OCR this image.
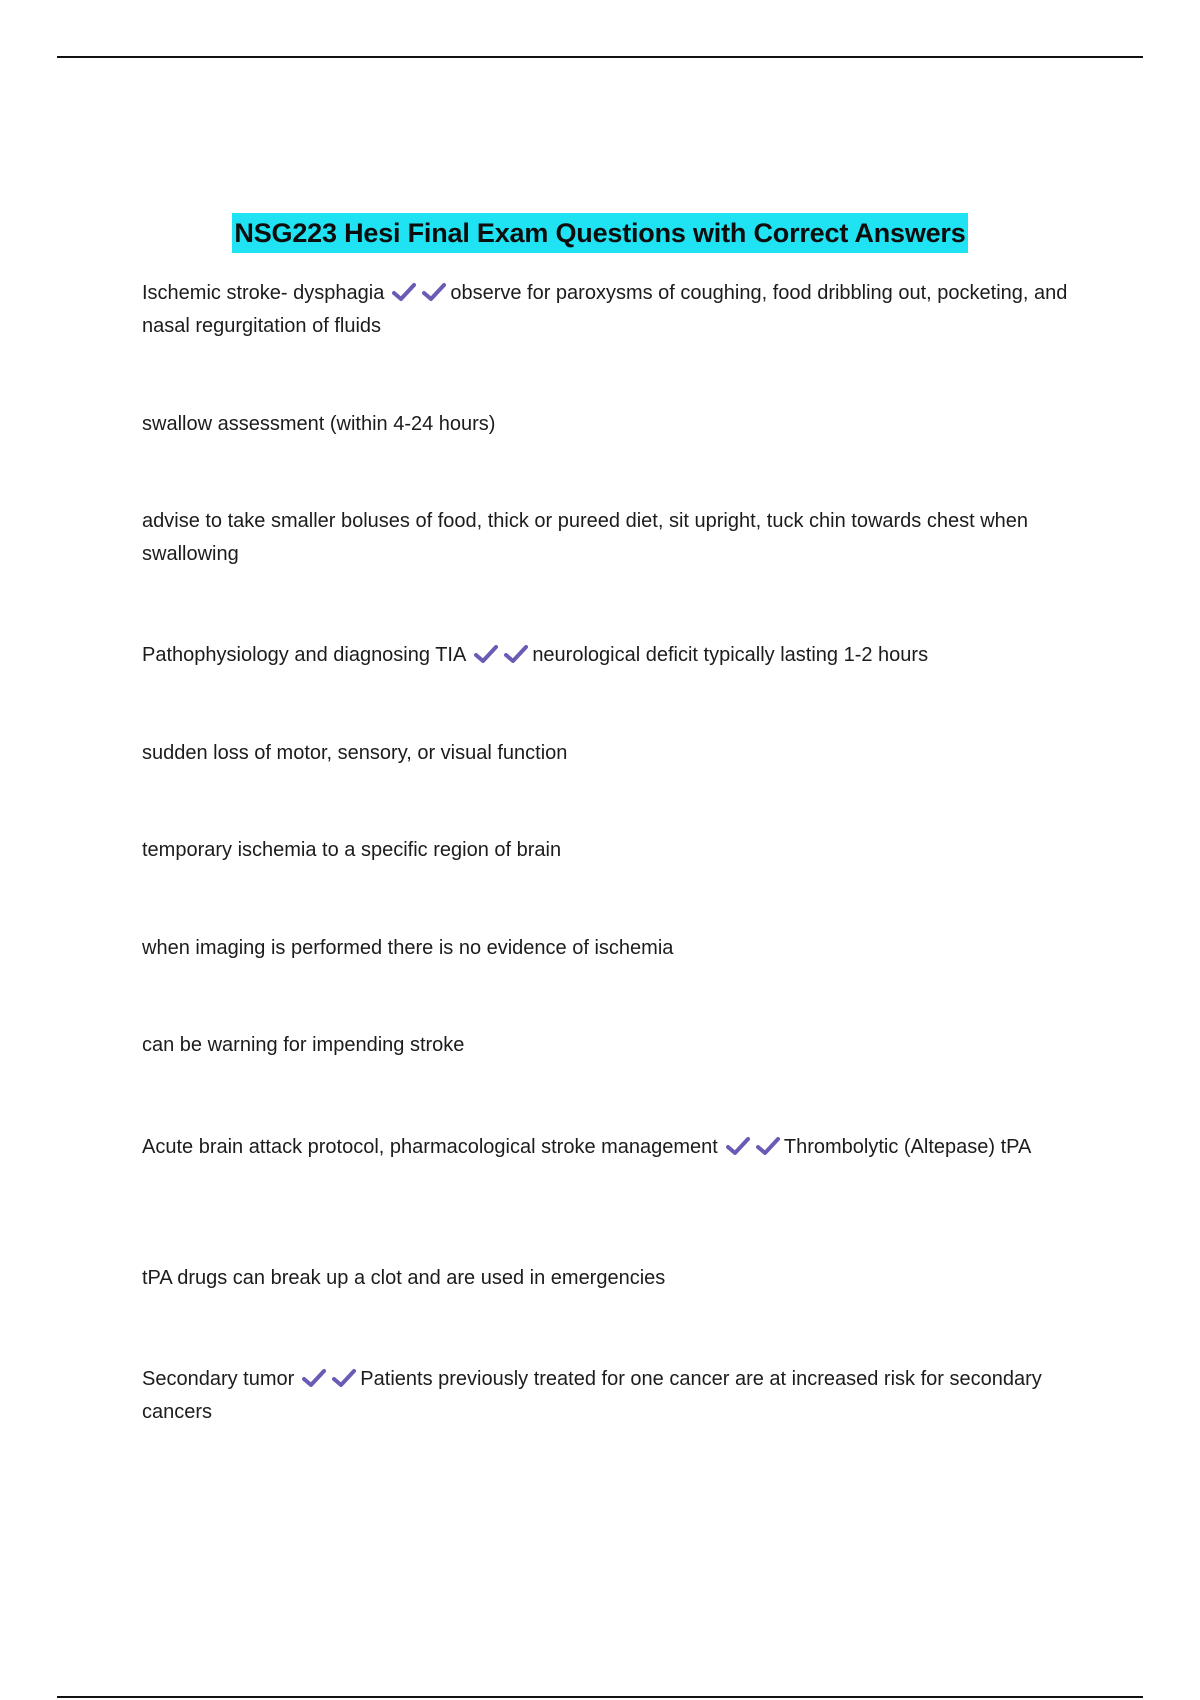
NSG223 Hesi Final Exam Questions with Correct Answers
Ischemic stroke- dysphagia	observe for paroxysms of coughing, food dribbling out, pocketing, and nasal regurgitation of fluids
swallow assessment (within 4-24 hours)
advise to take smaller boluses of food, thick or pureed diet, sit upright, tuck chin towards chest when swallowing
Pathophysiology and diagnosing TIA	neurological deficit typically lasting 1-2 hours
sudden loss of motor, sensory, or visual function
temporary ischemia to a specific region of brain
when imaging is performed there is no evidence of ischemia
can be warning for impending stroke
Acute brain attack protocol, pharmacological stroke management	Thrombolytic (Altepase) tPA
tPA drugs can break up a clot and are used in emergencies
Secondary tumor	Patients previously treated for one cancer are at increased risk for secondary cancers
